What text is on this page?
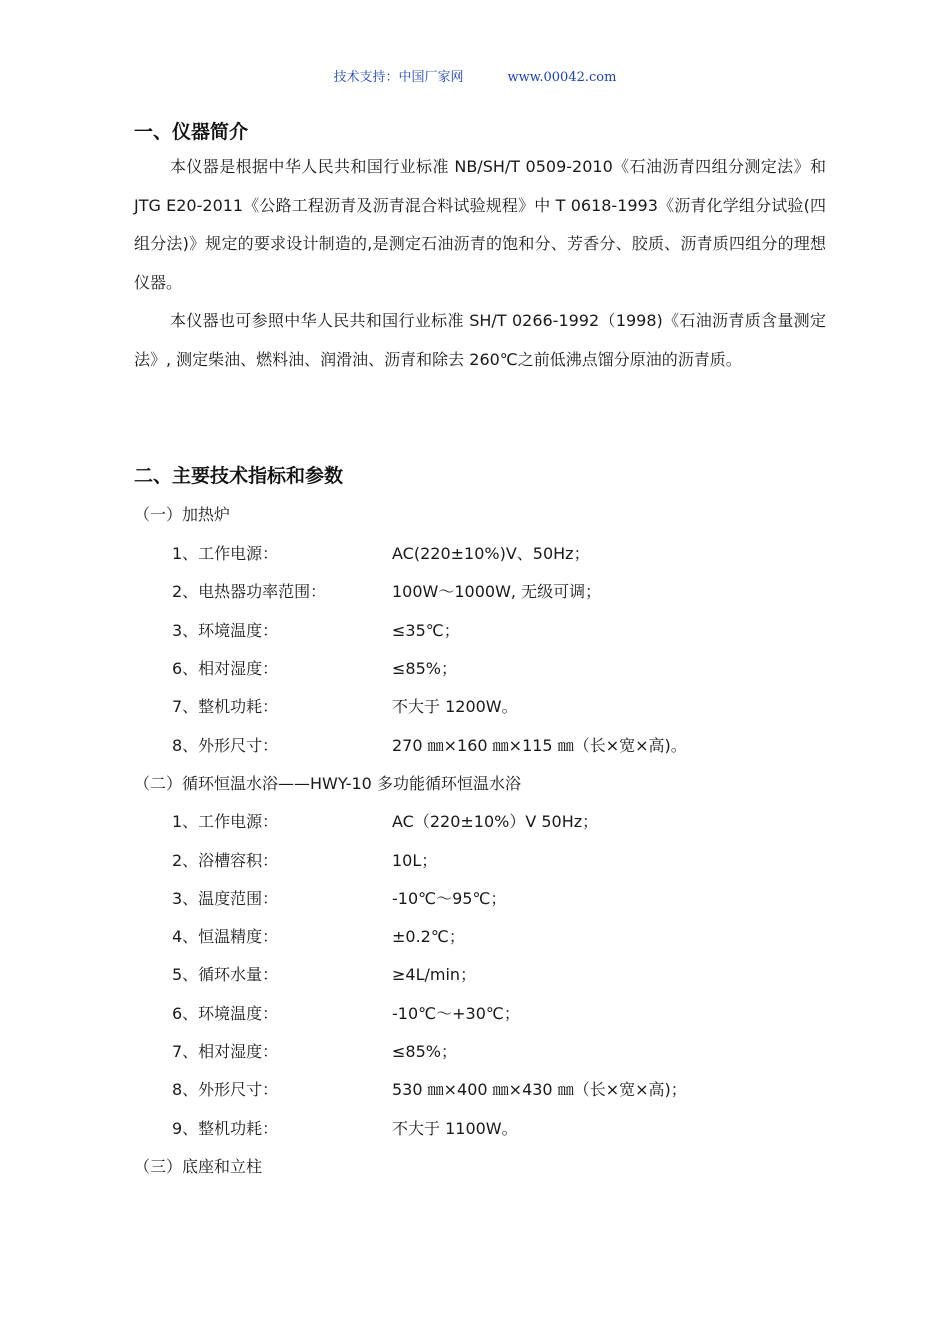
技术支持：中国厂家网	www.00042.com
一、仪器简介

本仪器是根据中华人民共和国行业标准 NB/SH/T 0509-2010《石油沥青四组分测定法》和 JTG E20-2011《公路工程沥青及沥青混合料试验规程》中 T 0618-1993《沥青化学组分试验(四组分法)》规定的要求设计制造的,是测定石油沥青的饱和分、芳香分、胶质、沥青质四组分的理想仪器。

本仪器也可参照中华人民共和国行业标准 SH/T 0266-1992（1998)《石油沥青质含量测定法》, 测定柴油、燃料油、润滑油、沥青和除去 260℃之前低沸点馏分原油的沥青质。

二、主要技术指标和参数
（一）加热炉
1、工作电源：	AC(220±10%)V、50Hz；
2、电热器功率范围：	100W～1000W, 无级可调；
3、环境温度：	≤35℃；
6、相对湿度：	≤85%；
7、整机功耗：	不大于 1200W。
8、外形尺寸：	270 ㎜×160 ㎜×115 ㎜（长×宽×高)。
（二）循环恒温水浴——HWY-10 多功能循环恒温水浴
1、工作电源：	AC（220±10%）V 50Hz；
2、浴槽容积：	10L；
3、温度范围：	-10℃～95℃；
4、恒温精度：	±0.2℃；
5、循环水量：	≥4L/min；
6、环境温度：	-10℃～+30℃；
7、相对湿度：	≤85%；
8、外形尺寸：	530 ㎜×400 ㎜×430 ㎜（长×宽×高)；
9、整机功耗：	不大于 1100W。
（三）底座和立柱
